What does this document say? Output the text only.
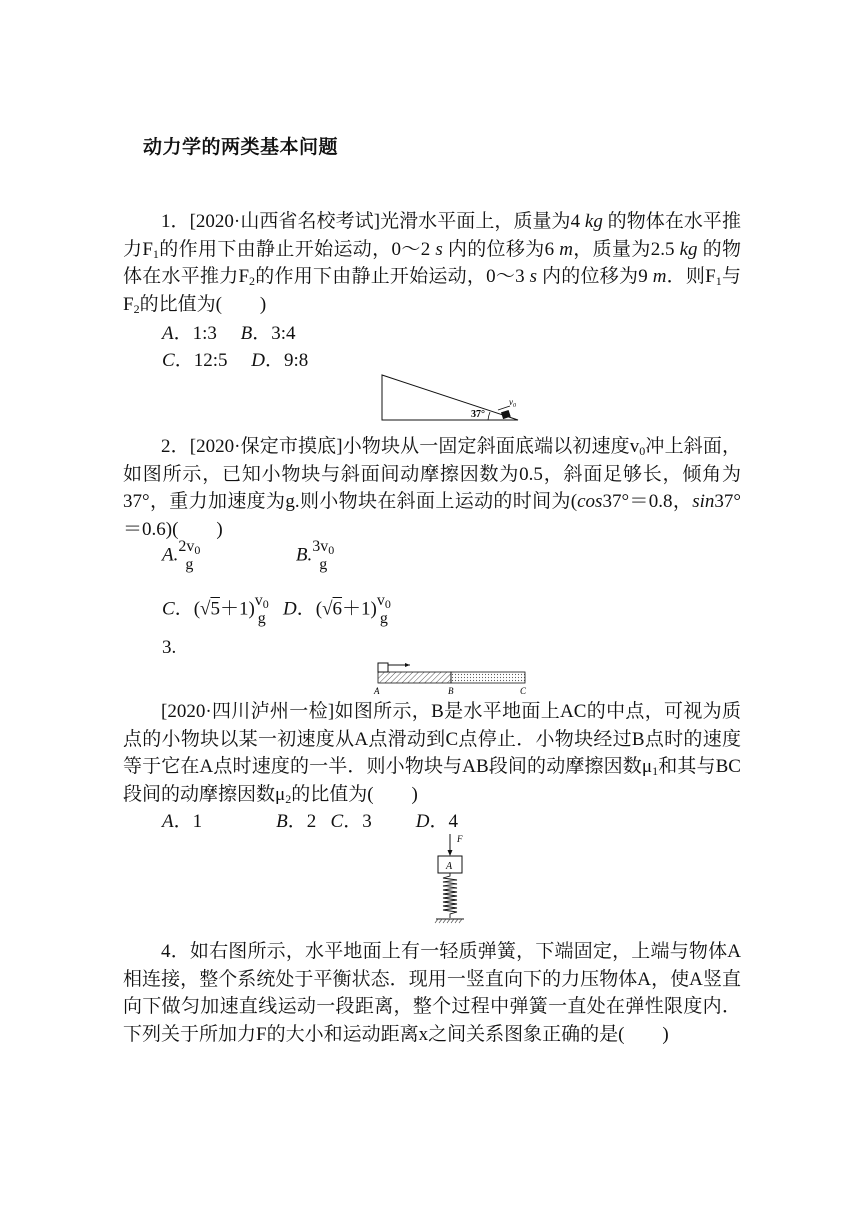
动力学的两类基本问题
1．[2020·山西省名校考试]光滑水平面上，质量为4 kg 的物体在水平推力$F_1$的作用下由静止开始运动，0～2 s 内的位移为6 m，质量为2.5 kg 的物体在水平推力$F_2$的作用下由静止开始运动，0～3 s 内的位移为9 m．则$F_1$与$F_2$的比值为(　　)
A．1:3 B．3:4
C．12:5 D．9:8
37°
$v_0$
2．[2020·保定市摸底]小物块从一固定斜面底端以初速度$v_0$冲上斜面，如图所示，已知小物块与斜面间动摩擦因数为0.5，斜面足够长，倾角为37°，重力加速度为g.则小物块在斜面上运动的时间为(cos37°＝0.8，sin37°＝0.6)(　　)
A. $2v_0$
g	B. $3v_0$
g
C．(√5＋1) $v_0$
g D．(√6＋1) $v_0$
g
3.
A	B	C
[2020·四川泸州一检]如图所示，B是水平地面上AC的中点，可视为质点的小物块以某一初速度从A点滑动到C点停止．小物块经过B点时的速度等于它在A点时速度的一半．则小物块与AB段间的动摩擦因数$\mu_1$和其与BC段间的动摩擦因数$\mu_2$的比值为(　　)
A．1	B．2 C．3 D．4
F
A
4．如右图所示，水平地面上有一轻质弹簧，下端固定，上端与物体A相连接，整个系统处于平衡状态．现用一竖直向下的力压物体A，使A竖直向下做匀加速直线运动一段距离，整个过程中弹簧一直处在弹性限度内．下列关于所加力F的大小和运动距离x之间关系图象正确的是(　　)
